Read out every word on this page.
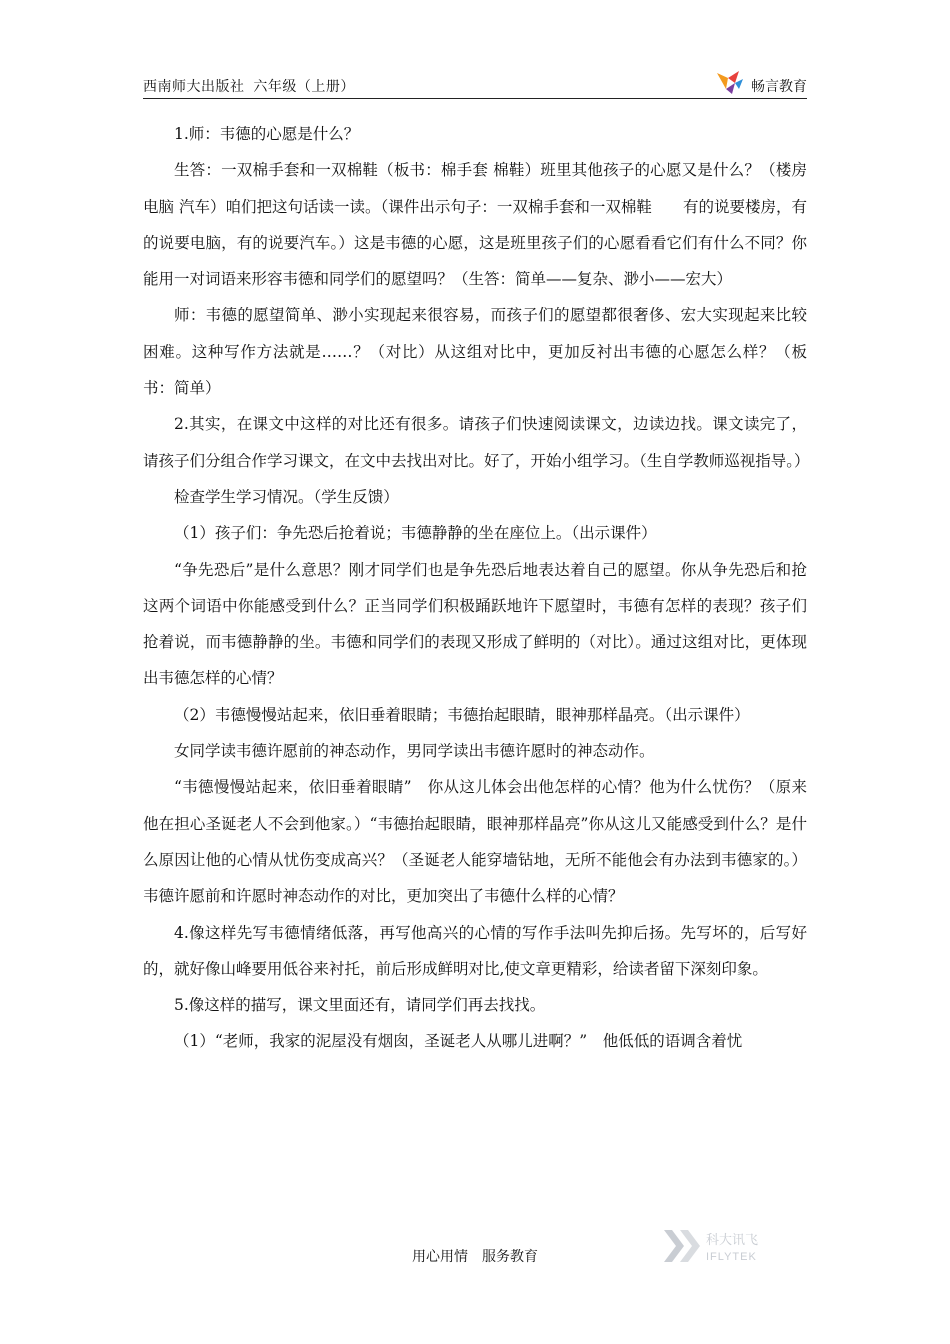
西南师大出版社 六年级（上册）	畅言教育

1.师：韦德的心愿是什么？

生答：一双棉手套和一双棉鞋（板书：棉手套 棉鞋）班里其他孩子的心愿又是什么？（楼房 电脑 汽车）咱们把这句话读一读。（课件出示句子：一双棉手套和一双棉鞋　　有的说要楼房，有的说要电脑，有的说要汽车。）这是韦德的心愿，这是班里孩子们的心愿看看它们有什么不同？你能用一对词语来形容韦德和同学们的愿望吗？（生答：简单——复杂、渺小——宏大）

师：韦德的愿望简单、渺小实现起来很容易，而孩子们的愿望都很奢侈、宏大实现起来比较困难。这种写作方法就是……？（对比）从这组对比中，更加反衬出韦德的心愿怎么样？（板书：简单）

2.其实，在课文中这样的对比还有很多。请孩子们快速阅读课文，边读边找。课文读完了，请孩子们分组合作学习课文，在文中去找出对比。好了，开始小组学习。（生自学教师巡视指导。）

检查学生学习情况。（学生反馈）

（1）孩子们：争先恐后抢着说；韦德静静的坐在座位上。（出示课件）

“争先恐后”是什么意思？刚才同学们也是争先恐后地表达着自己的愿望。你从争先恐后和抢这两个词语中你能感受到什么？正当同学们积极踊跃地许下愿望时，韦德有怎样的表现？孩子们抢着说，而韦德静静的坐。韦德和同学们的表现又形成了鲜明的（对比）。通过这组对比，更体现出韦德怎样的心情？

（2）韦德慢慢站起来，依旧垂着眼睛；韦德抬起眼睛，眼神那样晶亮。（出示课件）

女同学读韦德许愿前的神态动作，男同学读出韦德许愿时的神态动作。

“韦德慢慢站起来，依旧垂着眼睛”　你从这儿体会出他怎样的心情？他为什么忧伤？（原来他在担心圣诞老人不会到他家。）“韦德抬起眼睛，眼神那样晶亮”你从这儿又能感受到什么？是什么原因让他的心情从忧伤变成高兴？（圣诞老人能穿墙钻地，无所不能他会有办法到韦德家的。）韦德许愿前和许愿时神态动作的对比，更加突出了韦德什么样的心情？

4.像这样先写韦德情绪低落，再写他高兴的心情的写作手法叫先抑后扬。先写坏的，后写好的，就好像山峰要用低谷来衬托，前后形成鲜明对比,使文章更精彩，给读者留下深刻印象。

5.像这样的描写，课文里面还有，请同学们再去找找。

（1）“老师，我家的泥屋没有烟囱，圣诞老人从哪儿进啊？”　他低低的语调含着忧

用心用情　服务教育
科大讯飞
IFLYTEK
